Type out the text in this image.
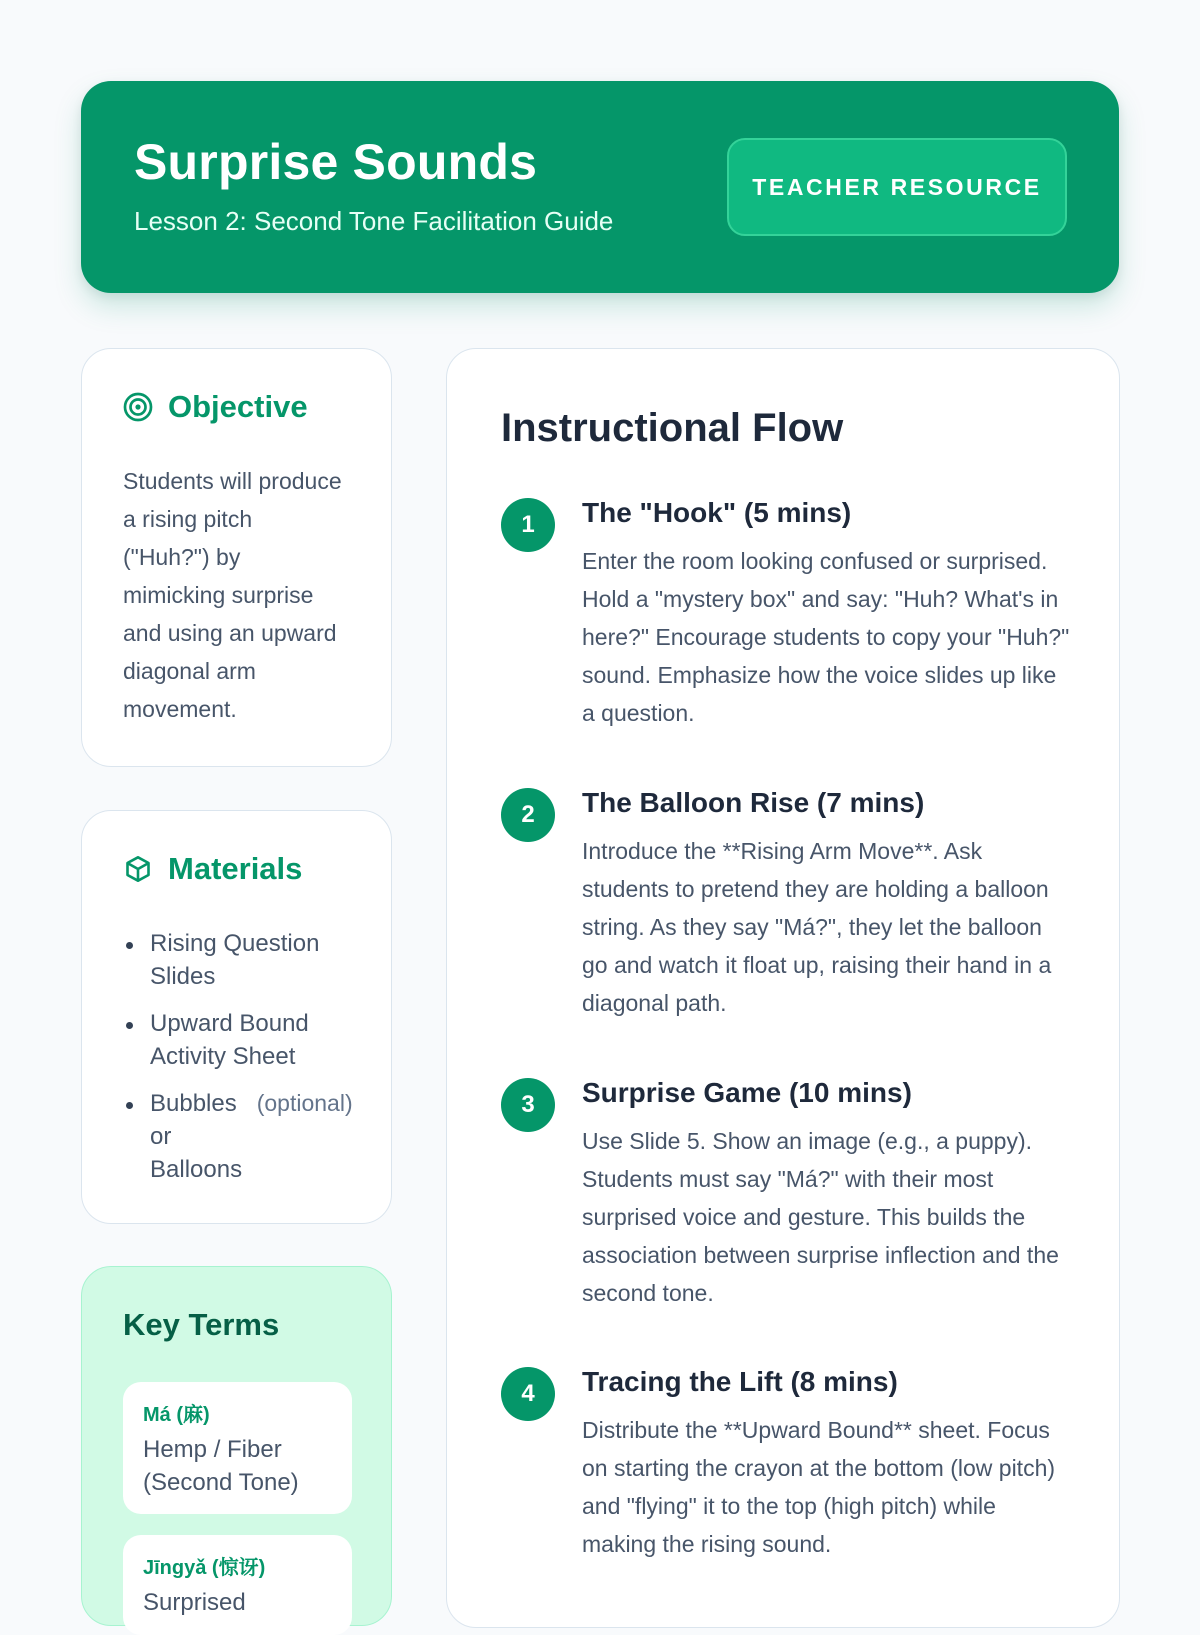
Surprise Sounds
Lesson 2: Second Tone Facilitation Guide
TEACHER RESOURCE
Objective
Students will produce a rising pitch ("Huh?") by mimicking surprise and using an upward diagonal arm movement.
Materials
Rising Question Slides
Upward Bound Activity Sheet
Bubbles (optional)
or
Balloons
Key Terms
Má (麻)
Hemp / Fiber (Second Tone)
Jīngyǎ (惊讶)
Surprised
Instructional Flow
1	The "Hook" (5 mins)
Enter the room looking confused or surprised. Hold a "mystery box" and say: "Huh? What's in here?" Encourage students to copy your "Huh?" sound. Emphasize how the voice slides up like a question.
2	The Balloon Rise (7 mins)
Introduce the **Rising Arm Move**. Ask students to pretend they are holding a balloon string. As they say "Má?", they let the balloon go and watch it float up, raising their hand in a diagonal path.
3	Surprise Game (10 mins)
Use Slide 5. Show an image (e.g., a puppy). Students must say "Má?" with their most surprised voice and gesture. This builds the association between surprise inflection and the second tone.
4	Tracing the Lift (8 mins)
Distribute the **Upward Bound** sheet. Focus on starting the crayon at the bottom (low pitch) and "flying" it to the top (high pitch) while making the rising sound.
